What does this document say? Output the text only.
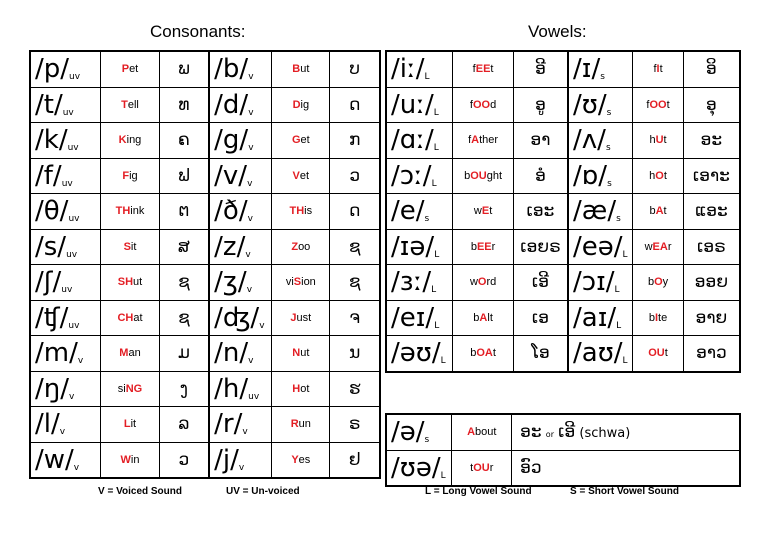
Consonants:	Vowels:
$/p/_{uv}$	Pet	ພ	$/b/_v$	But	ບ
$/t/_{uv}$	Tell	ທ	$/d/_v$	Dig	ດ
$/k/_{uv}$	King	ຄ	$/g/_v$	Get	ກ
$/f/_{uv}$	Fig	ຟ	$/v/_v$	Vet	ວ
$/\theta/_{uv}$	THink	ຕ	$/ð/_v$	THis	ດ
$/s/_{uv}$	Sit	ສ	$/z/_v$	Zoo	ຊ
$/ʃ/_{uv}$	SHut	ຊ	$/ʒ/_v$	viSion	ຊ
$/ʧ/_{uv}$	CHat	ຊ	$/ʤ/_v$	Just	ຈ
$/m/_v$	Man	ມ	$/n/_v$	Nut	ນ
$/ŋ/_v$	siNG	ງ	$/h/_{uv}$	Hot	ຮ
$/l/_v$	Lit	ລ	$/r/_v$	Run	ຣ
$/w/_v$	Win	ວ	$/j/_v$	Yes	ຢ
$/iː/_L$	fEEt	ອີ	$/ɪ/_s$	fIt	ອິ
$/uː/_L$	fOOd	ອູ	$/ʊ/_s$	fOOt	ອຸ
$/ɑː/_L$	fAther	ອາ	$/ʌ/_s$	hUt	ອະ
$/ɔː/_L$	bOUght	ອໍ	$/ɒ/_s$	hOt	ເອາະ
$/e/_s$	wEt	ເອະ	$/æ/_s$	bAt	ແອະ
$/ɪə/_L$	bEEr	ເອຍຣ	$/eə/_L$	wEAr	ເອຣ
$/ɜː/_L$	wOrd	ເອີ	$/ɔɪ/_L$	bOy	ອອຍ
$/eɪ/_L$	bAlt	ເອ	$/aɪ/_L$	bIte	ອາຍ
$/əʊ/_L$	bOAt	ໂອ	$/aʊ/_L$	OUt	ອາວ
$/ə/_s$	About	ອະ or ເອີ (schwa)
$/ʊə/_L$	tOUr	ອົວ
V = Voiced Sound	UV = Un-voiced	L = Long Vowel Sound	S = Short Vowel Sound
